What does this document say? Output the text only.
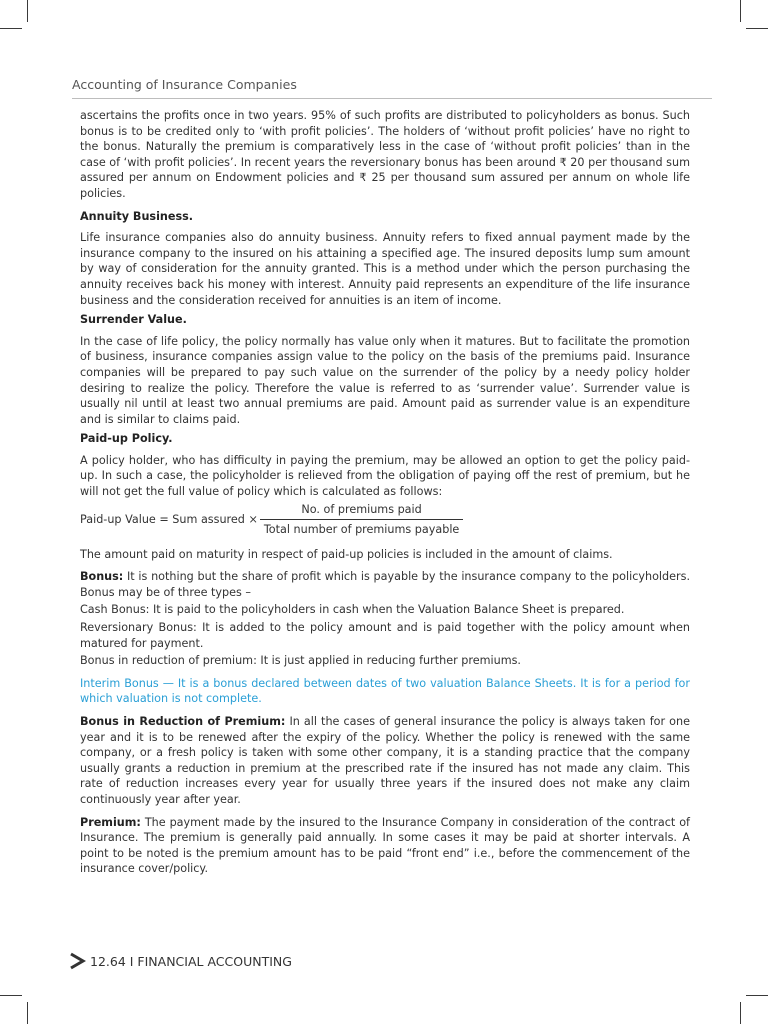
Accounting of Insurance Companies

ascertains the profits once in two years. 95% of such profits are distributed to policyholders as bonus. Such bonus is to be credited only to ‘with profit policies’. The holders of ‘without profit policies’ have no right to the bonus. Naturally the premium is comparatively less in the case of ‘without profit policies’ than in the case of ‘with profit policies’. In recent years the reversionary bonus has been around ₹ 20 per thousand sum assured per annum on Endowment policies and ₹ 25 per thousand sum assured per annum on whole life policies.

Annuity Business.

Life insurance companies also do annuity business. Annuity refers to fixed annual payment made by the insurance company to the insured on his attaining a specified age. The insured deposits lump sum amount by way of consideration for the annuity granted. This is a method under which the person purchasing the annuity receives back his money with interest. Annuity paid represents an expenditure of the life insurance business and the consideration received for annuities is an item of income.

Surrender Value.

In the case of life policy, the policy normally has value only when it matures. But to facilitate the promotion of business, insurance companies assign value to the policy on the basis of the premiums paid. Insurance companies will be prepared to pay such value on the surrender of the policy by a needy policy holder desiring to realize the policy. Therefore the value is referred to as ‘surrender value’. Surrender value is usually nil until at least two annual premiums are paid. Amount paid as surrender value is an expenditure and is similar to claims paid.

Paid-up Policy.

A policy holder, who has difficulty in paying the premium, may be allowed an option to get the policy paid-up. In such a case, the policyholder is relieved from the obligation of paying off the rest of premium, but he will not get the full value of policy which is calculated as follows:

Paid-up Value = Sum assured × $\frac{\text{No. of premiums paid}}{\text{Total number of premiums payable}}$

The amount paid on maturity in respect of paid-up policies is included in the amount of claims.

Bonus: It is nothing but the share of profit which is payable by the insurance company to the policyholders. Bonus may be of three types –

Cash Bonus: It is paid to the policyholders in cash when the Valuation Balance Sheet is prepared.

Reversionary Bonus: It is added to the policy amount and is paid together with the policy amount when matured for payment.

Bonus in reduction of premium: It is just applied in reducing further premiums.

Interim Bonus — It is a bonus declared between dates of two valuation Balance Sheets. It is for a period for which valuation is not complete.

Bonus in Reduction of Premium: In all the cases of general insurance the policy is always taken for one year and it is to be renewed after the expiry of the policy. Whether the policy is renewed with the same company, or a fresh policy is taken with some other company, it is a standing practice that the company usually grants a reduction in premium at the prescribed rate if the insured has not made any claim. This rate of reduction increases every year for usually three years if the insured does not make any claim continuously year after year.

Premium: The payment made by the insured to the Insurance Company in consideration of the contract of Insurance. The premium is generally paid annually. In some cases it may be paid at shorter intervals. A point to be noted is the premium amount has to be paid “front end” i.e., before the commencement of the insurance cover/policy.

12.64 I FINANCIAL ACCOUNTING
